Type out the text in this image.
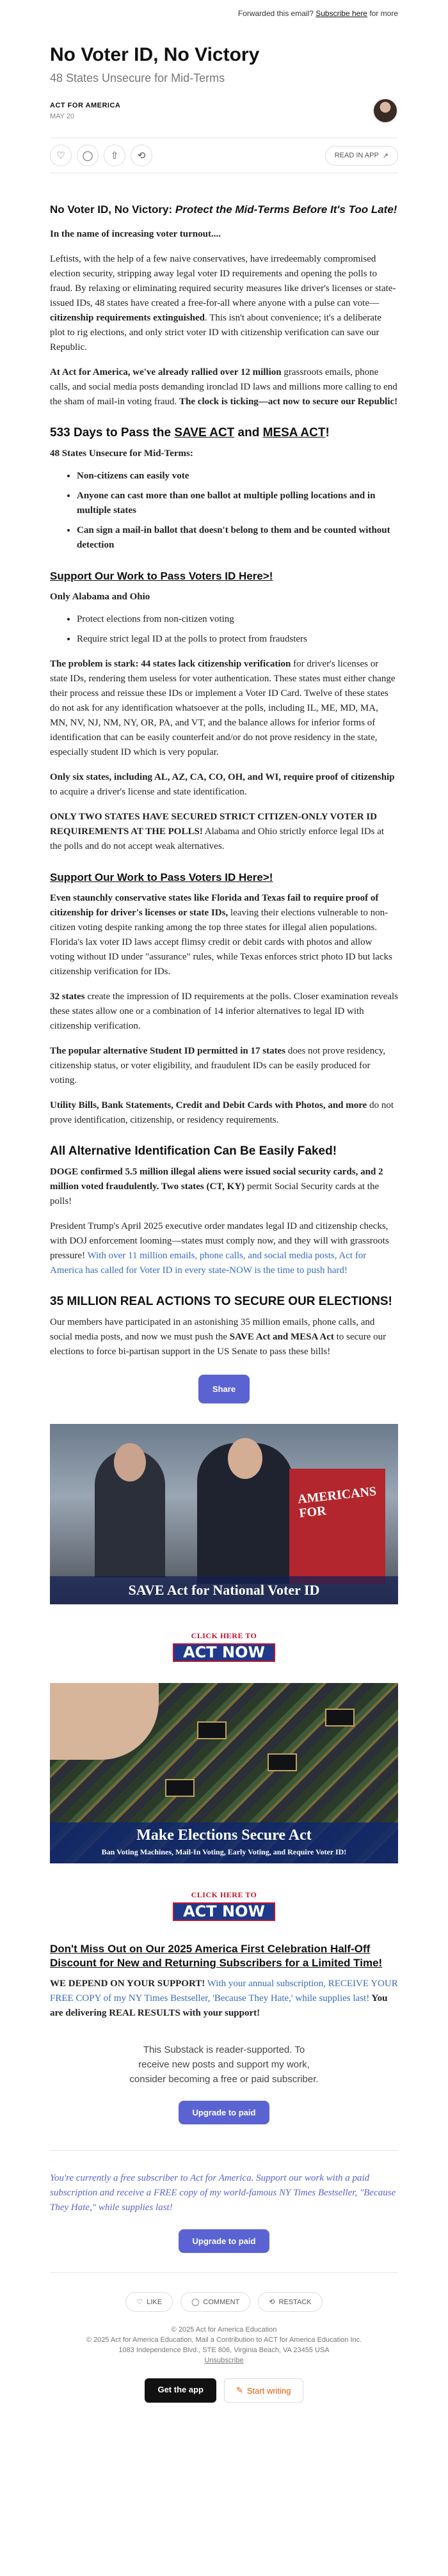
Forwarded this email? Subscribe here for more
No Voter ID, No Victory
48 States Unsecure for Mid-Terms
ACT FOR AMERICA
MAY 20
♡	◯	⇧	⟲	READ IN APP ↗
No Voter ID, No Victory: Protect the Mid-Terms Before It's Too Late!

In the name of increasing voter turnout....

Leftists, with the help of a few naive conservatives, have irredeemably compromised election security, stripping away legal voter ID requirements and opening the polls to fraud. By relaxing or eliminating required security measures like driver's licenses or state-issued IDs, 48 states have created a free-for-all where anyone with a pulse can vote—citizenship requirements extinguished. This isn't about convenience; it's a deliberate plot to rig elections, and only strict voter ID with citizenship verification can save our Republic.

At Act for America, we've already rallied over 12 million grassroots emails, phone calls, and social media posts demanding ironclad ID laws and millions more calling to end the sham of mail-in voting fraud. The clock is ticking—act now to secure our Republic!

533 Days to Pass the SAVE ACT and MESA ACT!

48 States Unsecure for Mid-Terms:

• Non-citizens can easily vote
• Anyone can cast more than one ballot at multiple polling locations and in multiple states
• Can sign a mail-in ballot that doesn't belong to them and be counted without detection
Support Our Work to Pass Voters ID Here>!

Only Alabama and Ohio

• Protect elections from non-citizen voting
• Require strict legal ID at the polls to protect from fraudsters

The problem is stark: 44 states lack citizenship verification for driver's licenses or state IDs, rendering them useless for voter authentication. These states must either change their process and reissue these IDs or implement a Voter ID Card. Twelve of these states do not ask for any identification whatsoever at the polls, including IL, ME, MD, MA, MN, NV, NJ, NM, NY, OR, PA, and VT, and the balance allows for inferior forms of identification that can be easily counterfeit and/or do not prove residency in the state, especially student ID which is very popular.

Only six states, including AL, AZ, CA, CO, OH, and WI, require proof of citizenship to acquire a driver's license and state identification.

ONLY TWO STATES HAVE SECURED STRICT CITIZEN-ONLY VOTER ID REQUIREMENTS AT THE POLLS! Alabama and Ohio strictly enforce legal IDs at the polls and do not accept weak alternatives.

Support Our Work to Pass Voters ID Here>!

Even staunchly conservative states like Florida and Texas fail to require proof of citizenship for driver's licenses or state IDs, leaving their elections vulnerable to non-citizen voting despite ranking among the top three states for illegal alien populations. Florida's lax voter ID laws accept flimsy credit or debit cards with photos and allow voting without ID under "assurance" rules, while Texas enforces strict photo ID but lacks citizenship verification for IDs.

32 states create the impression of ID requirements at the polls. Closer examination reveals these states allow one or a combination of 14 inferior alternatives to legal ID with citizenship verification.

The popular alternative Student ID permitted in 17 states does not prove residency, citizenship status, or voter eligibility, and fraudulent IDs can be easily produced for voting.

Utility Bills, Bank Statements, Credit and Debit Cards with Photos, and more do not prove identification, citizenship, or residency requirements.

All Alternative Identification Can Be Easily Faked!

DOGE confirmed 5.5 million illegal aliens were issued social security cards, and 2 million voted fraudulently. Two states (CT, KY) permit Social Security cards at the polls!

President Trump's April 2025 executive order mandates legal ID and citizenship checks, with DOJ enforcement looming—states must comply now, and they will with grassroots pressure! With over 11 million emails, phone calls, and social media posts, Act for America has called for Voter ID in every state-NOW is the time to push hard!

35 MILLION REAL ACTIONS TO SECURE OUR ELECTIONS!

Our members have participated in an astonishing 35 million emails, phone calls, and social media posts, and now we must push the SAVE Act and MESA Act to secure our elections to force bi-partisan support in the US Senate to pass these bills!

Share
AMERICANS FOR
SAVE Act for National Voter ID
CLICK HERE TO
ACT NOW
Make Elections Secure Act
Ban Voting Machines, Mail-In Voting, Early Voting, and Require Voter ID!
CLICK HERE TO
ACT NOW
Don't Miss Out on Our 2025 America First Celebration Half-Off Discount for New and Returning Subscribers for a Limited Time!

WE DEPEND ON YOUR SUPPORT! With your annual subscription, RECEIVE YOUR FREE COPY of my NY Times Bestseller, 'Because They Hate,' while supplies last! You are delivering REAL RESULTS with your support!

This Substack is reader-supported. To receive new posts and support my work, consider becoming a free or paid subscriber.
Upgrade to paid
You're currently a free subscriber to Act for America. Support our work with a paid subscription and receive a FREE copy of my world-famous NY Times Bestseller, "Because They Hate," while supplies last!
Upgrade to paid
♡ LIKE	◯ COMMENT	⟲ RESTACK
© 2025 Act for America Education
© 2025 Act for America Education, Mail a Contribution to ACT for America Education Inc.
1083 Independence Blvd., STE 806, Virginia Beach, VA 23455 USA
Unsubscribe
Get the app	✎ Start writing
